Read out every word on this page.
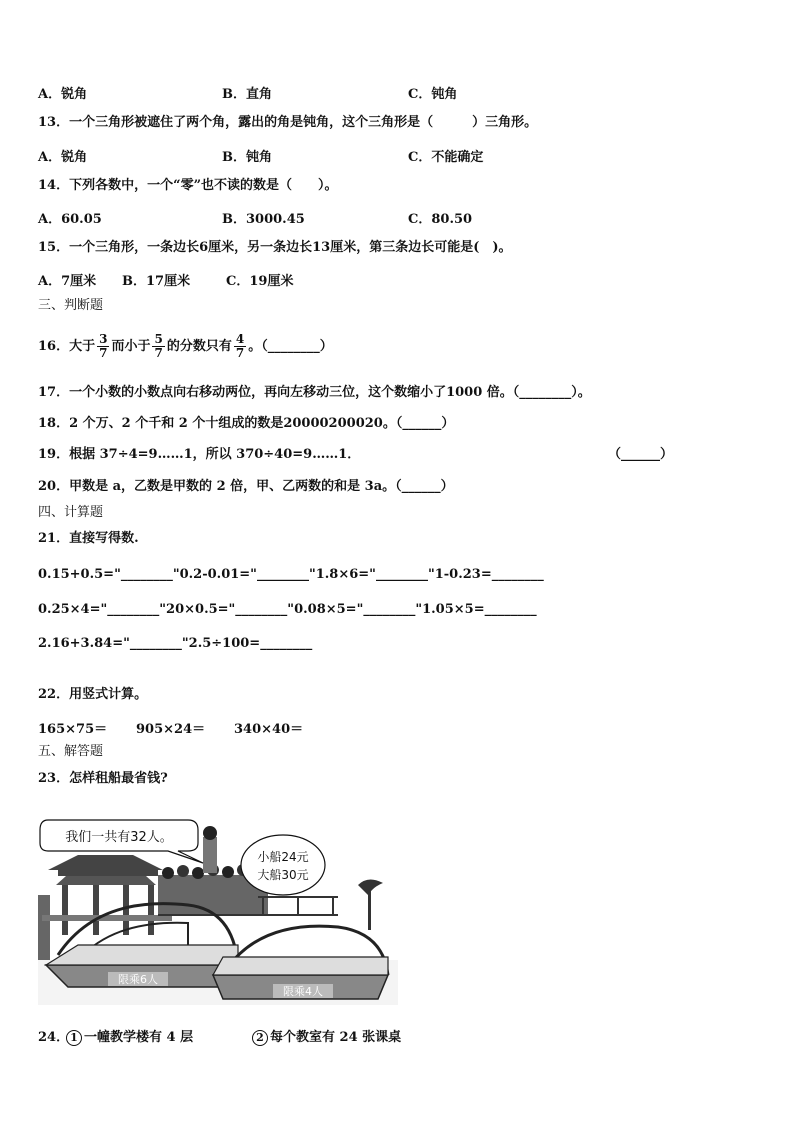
A．锐角	B．直角	C．钝角
13．一个三角形被遮住了两个角，露出的角是钝角，这个三角形是（　　　）三角形。
A．锐角	B．钝角	C．不能确定
14．下列各数中，一个“零”也不读的数是（　　）。
A．60.05	B．3000.45	C．80.50
15．一个三角形，一条边长6厘米，另一条边长13厘米，第三条边长可能是(　)。
A．7厘米 B．17厘米	C．19厘米
三、判断题
16．大于 $\frac{3}{7}$ 而小于 $\frac{5}{7}$ 的分数只有 $\frac{4}{7}$ 。（________）
17．一个小数的小数点向右移动两位，再向左移动三位，这个数缩小了1000 倍。（________）。
18．2 个万、2 个千和 2 个十组成的数是20000200020。（______）
19．根据 37÷4=9……1，所以 370÷40=9……1．	（______）
20．甲数是 a，乙数是甲数的 2 倍，甲、乙两数的和是 3a。（______）
四、计算题
21．直接写得数.
0.15+0.5="________"0.2-0.01="________"1.8×6="________"1-0.23=________
0.25×4="________"20×0.5="________"0.08×5="________"1.05×5=________
2.16+3.84="________"2.5÷100=________
22．用竖式计算。
165×75＝ 905×24＝ 340×40＝
五、解答题
23．怎样租船最省钱?
我们一共有32人。
小船24元
大船30元
限乘6人
限乘4人
24． 1 一幢教学楼有 4 层	2 每个教室有 24 张课桌
